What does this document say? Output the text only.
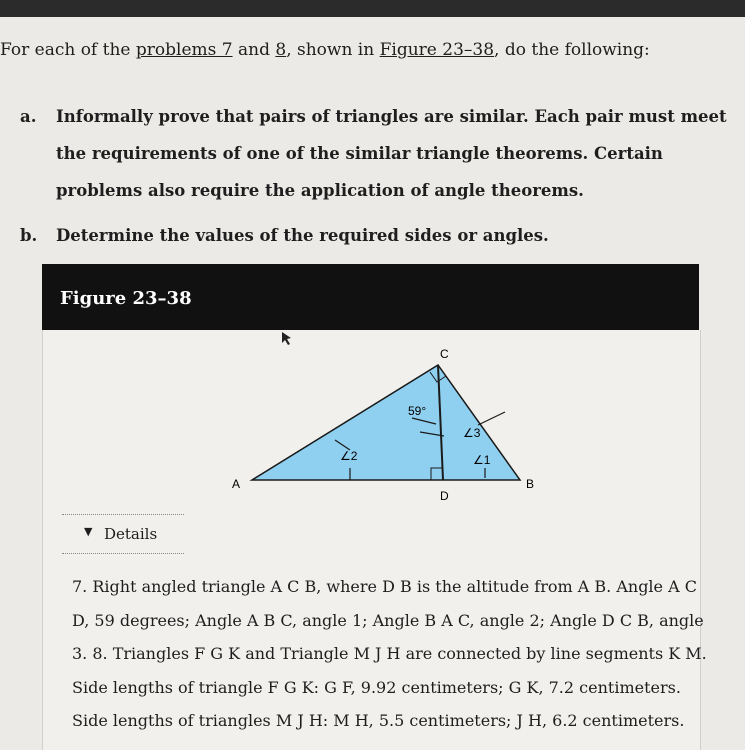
For each of the problems 7 and 8, shown in Figure 23–38, do the following:
a.	Informally prove that pairs of triangles are similar. Each pair must meet the requirements of one of the similar triangle theorems. Certain problems also require the application of angle theorems.
b.	Determine the values of the required sides or angles.
Figure 23–38
C
A	B
D
59°
∠3
∠2	∠1
▼ Details
7. Right angled triangle A C B, where D B is the altitude from A B. Angle A C D, 59 degrees; Angle A B C, angle 1; Angle B A C, angle 2; Angle D C B, angle 3. 8. Triangles F G K and Triangle M J H are connected by line segments K M. Side lengths of triangle F G K: G F, 9.92 centimeters; G K, 7.2 centimeters. Side lengths of triangles M J H: M H, 5.5 centimeters; J H, 6.2 centimeters.
